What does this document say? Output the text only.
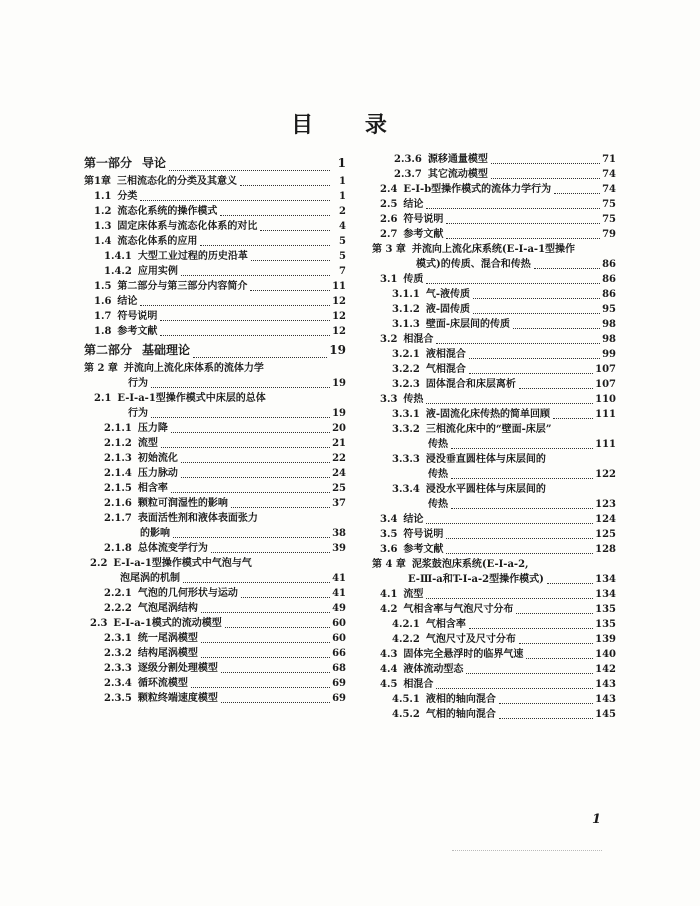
目 录
第一部分 导论	1
第1章 三相流态化的分类及其意义	1
1.1 分类	1
1.2 流态化系统的操作模式	2
1.3 固定床体系与流态化体系的对比	4
1.4 流态化体系的应用	5
1.4.1 大型工业过程的历史沿革	5
1.4.2 应用实例	7
1.5 第二部分与第三部分内容简介	11
1.6 结论	12
1.7 符号说明	12
1.8 参考文献	12
第二部分 基础理论	19
第 2 章 并流向上流化床体系的流体力学
行为	19
2.1 E-I-a-1型操作模式中床层的总体
行为	19
2.1.1 压力降	20
2.1.2 流型	21
2.1.3 初始流化	22
2.1.4 压力脉动	24
2.1.5 相含率	25
2.1.6 颗粒可润湿性的影响	37
2.1.7 表面活性剂和液体表面张力
的影响	38
2.1.8 总体流变学行为	39
2.2 E-I-a-1型操作模式中气泡与气
泡尾涡的机制	41
2.2.1 气泡的几何形状与运动	41
2.2.2 气泡尾涡结构	49
2.3 E-I-a-1模式的流动模型	60
2.3.1 统一尾涡模型	60
2.3.2 结构尾涡模型	66
2.3.3 逐级分割处理模型	68
2.3.4 循环流模型	69
2.3.5 颗粒终端速度模型	69
2.3.6 源移通量模型	71
2.3.7 其它流动模型	74
2.4 E-I-b型操作模式的流体力学行为	74
2.5 结论	75
2.6 符号说明	75
2.7 参考文献	79
第 3 章 并流向上流化床系统(E-I-a-1型操作
模式)的传质、混合和传热	86
3.1 传质	86
3.1.1 气-液传质	86
3.1.2 液-固传质	95
3.1.3 壁面-床层间的传质	98
3.2 相混合	98
3.2.1 液相混合	99
3.2.2 气相混合	107
3.2.3 固体混合和床层离析	107
3.3 传热	110
3.3.1 液-固流化床传热的简单回顾	111
3.3.2 三相流化床中的“壁面-床层”
传热	111
3.3.3 浸没垂直圆柱体与床层间的
传热	122
3.3.4 浸没水平圆柱体与床层间的
传热	123
3.4 结论	124
3.5 符号说明	125
3.6 参考文献	128
第 4 章 泥浆鼓泡床系统(E-I-a-2,
E-Ⅲ-a和T-I-a-2型操作模式)	134
4.1 流型	134
4.2 气相含率与气泡尺寸分布	135
4.2.1 气相含率	135
4.2.2 气泡尺寸及尺寸分布	139
4.3 固体完全悬浮时的临界气速	140
4.4 液体流动型态	142
4.5 相混合	143
4.5.1 液相的轴向混合	143
4.5.2 气相的轴向混合	145
1
